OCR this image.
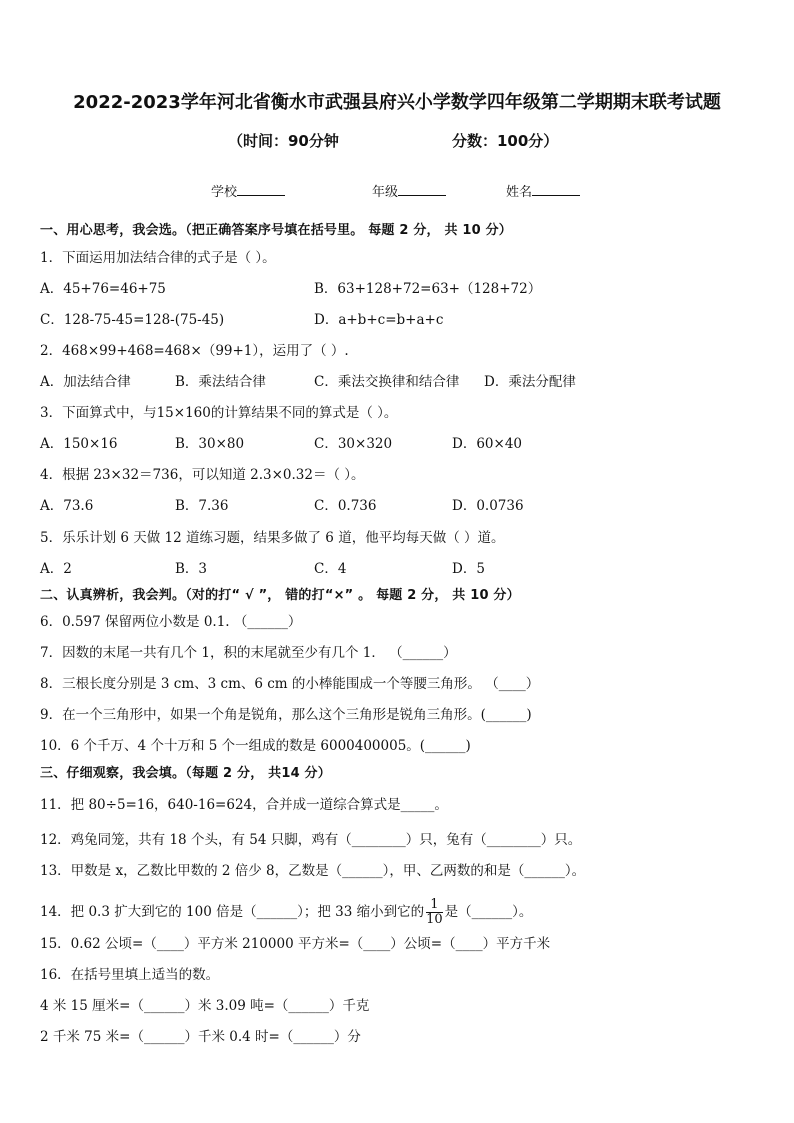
2022-2023学年河北省衡水市武强县府兴小学数学四年级第二学期期末联考试题
（时间：90分钟	分数：100分）
学校	年级	姓名
一、用心思考，我会选。（把正确答案序号填在括号里。 每题 2 分， 共 10 分）
1．下面运用加法结合律的式子是（ ）。
A．45+76=46+75	B．63+128+72=63+（128+72）
C．128-75-45=128-(75-45)	D．a+b+c=b+a+c
2．468×99+468=468×（99+1），运用了（ ）.
A．加法结合律	B．乘法结合律	C．乘法交换律和结合律 D．乘法分配律
3．下面算式中，与15×160的计算结果不同的算式是（ ）。
A．150×16	B．30×80	C．30×320	D．60×40
4．根据 23×32＝736，可以知道 2.3×0.32＝（ ）。
A．73.6	B．7.36	C．0.736	D．0.0736
5．乐乐计划 6 天做 12 道练习题，结果多做了 6 道，他平均每天做（ ）道。
A．2	B．3	C．4	D．5
二、认真辨析，我会判。（对的打“ √ ”， 错的打“×” 。 每题 2 分， 共 10 分）
6．0.597 保留两位小数是 0.1. （______）
7．因数的末尾一共有几个 1，积的末尾就至少有几个 1． （______）
8．三根长度分别是 3 cm、3 cm、6 cm 的小棒能围成一个等腰三角形。 （____）
9．在一个三角形中，如果一个角是锐角，那么这个三角形是锐角三角形。(______)
10．6 个千万、4 个十万和 5 个一组成的数是 6000400005。(______)
三、仔细观察，我会填。（每题 2 分， 共14 分）
11．把 80÷5=16，640-16=624，合并成一道综合算式是_____。
12．鸡兔同笼，共有 18 个头，有 54 只脚，鸡有（________）只，兔有（________）只。
13．甲数是 x，乙数比甲数的 2 倍少 8，乙数是（______），甲、乙两数的和是（______）。
14．把 0.3 扩大到它的 100 倍是（______）；把 33 缩小到它的 $\frac{1}{10}$ 是（______）。
15．0.62 公顷=（____）平方米 210000 平方米=（____）公顷=（____）平方千米
16．在括号里填上适当的数。
4 米 15 厘米=（______）米 3.09 吨=（______）千克
2 千米 75 米=（______）千米 0.4 时=（______）分
